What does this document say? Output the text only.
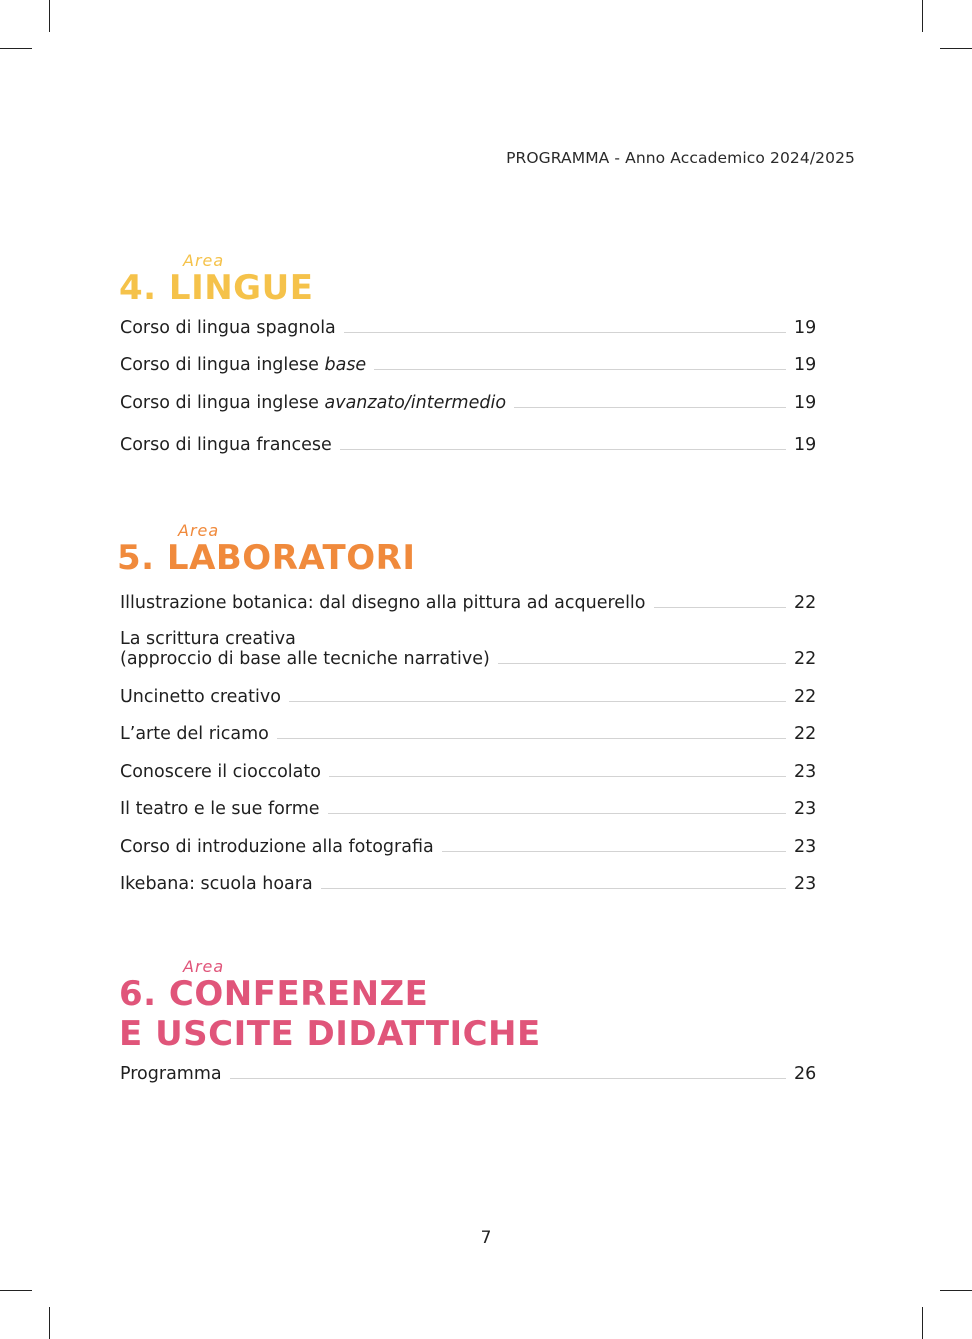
PROGRAMMA - Anno Accademico 2024/2025
Area
4. LINGUE
Corso di lingua spagnola	19
Corso di lingua inglese base	19
Corso di lingua inglese avanzato/intermedio	19
Corso di lingua francese	19
Area
5. LABORATORI
Illustrazione botanica: dal disegno alla pittura ad acquerello	22
La scrittura creativa
(approccio di base alle tecniche narrative)	22
Uncinetto creativo	22
L’arte del ricamo	22
Conoscere il cioccolato	23
Il teatro e le sue forme	23
Corso di introduzione alla fotografia	23
Ikebana: scuola hoara	23
Area
6. CONFERENZE
E USCITE DIDATTICHE
Programma	26
7
